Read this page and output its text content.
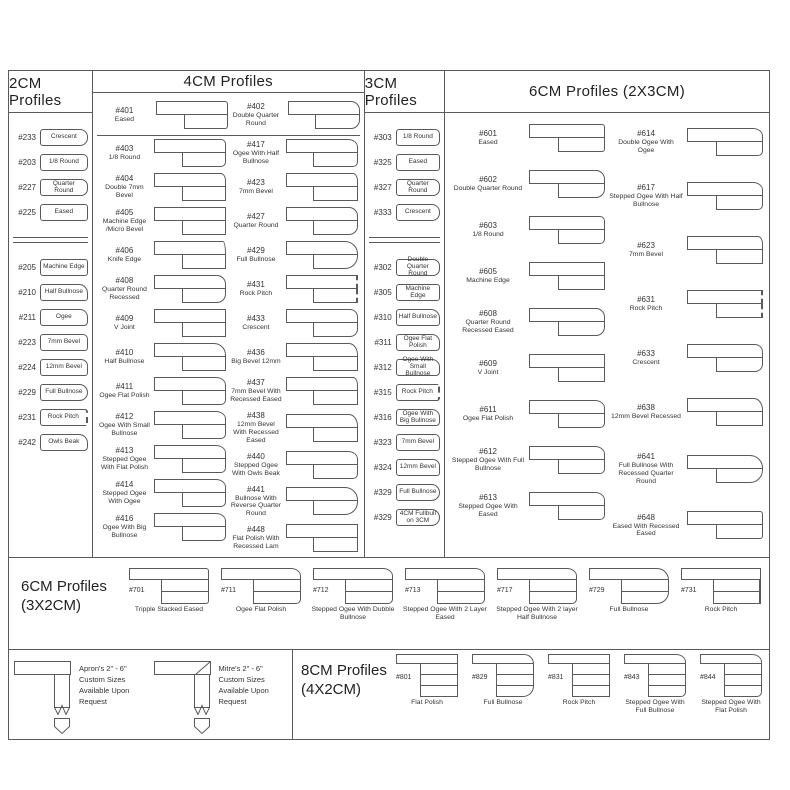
2CM Profiles
#233	Crescent
#203	1/8 Round
#227	Quarter Round
#225	Eased
#205	Machine Edge
#210	Half Bullnose
#211	Ogee
#223	7mm Bevel
#224	12mm Bevel
#229	Full Bullnose
#231	Rock Pitch
#242	Owls Beak
4CM Profiles
#401
Eased
#402
Double Quarter Round
#403
1/8 Round
#404
Double 7mm Bevel
#405
Machine Edge /Micro Bevel
#406
Knife Edge
#408
Quarter Round Recessed
#409
V Joint
#410
Half Bullnose
#411
Ogee Flat Polish
#412
Ogee With Small Bullnose
#413
Stepped Ogee With Flat Polish
#414
Stepped Ogee With Ogee
#416
Ogee With Big Bullnose
#417
Ogee With Half Bullnose
#423
7mm Bevel
#427
Quarter Round
#429
Full Bullnose
#431
Rock Pitch
#433
Crescent
#436
Big Bevel 12mm
#437
7mm Bevel With Recessed Eased
#438
12mm Bevel With Recessed Eased
#440
Stepped Ogee With Owls Beak
#441
Bullnose With Reverse Quarter Round
#448
Flat Polish With Recessed Lam
3CM Profiles
#303	1/8 Round
#325	Eased
#327	Quarter Round
#333	Crescent
#302
Double Quarter Round
#305	Machine Edge
#310	Half Bullnose
#311	Ogee Flat Polish
#312
Ogee With Small Bullnose
#315	Rock Pitch
#316	Ogee With Big Bullnose
#323	7mm Bevel
#324	12mm Bevel
#329	Full Bullnose
#329	4CM Fullbull on 3CM
6CM Profiles (2X3CM)
#601
Eased
#602
Double Quarter Round
#603
1/8 Round
#605
Machine Edge
#608
Quarter Round Recessed Eased
#609
V Joint
#611
Ogee Flat Polish
#612
Stepped Ogee With Full Bullnose
#613
Stepped Ogee With Eased
#614
Double Ogee With Ogee
#617
Stepped Ogee With Half Bullnose
#623
7mm Bevel
#631
Rock Pitch
#633
Crescent
#638
12mm Bevel Recessed
#641
Full Bullnose With Recessed Quarter Round
#648
Eased With Recessed Eased
6CM Profiles (3X2CM)
#701
Tripple Stacked Eased
#711
Ogee Flat Polish
#712
Stepped Ogee With Dubble Bullnose
#713
Stepped Ogee With 2 Layer Eased
#717
Stepped Ogee With 2 layer Half Bullnose
#729
Full Bullnose
#731
Rock Pitch
Apron's 2" - 6" Custom Sizes Available Upon Request
Mitre's 2" - 6" Custom Sizes Available Upon Request
8CM Profiles (4X2CM)
#801
Flat Polish
#829
Full Bullnose
#831
Rock Pitch
#843
Stepped Ogee With Full Bullnose
#844
Stepped Ogee With Flat Polish
